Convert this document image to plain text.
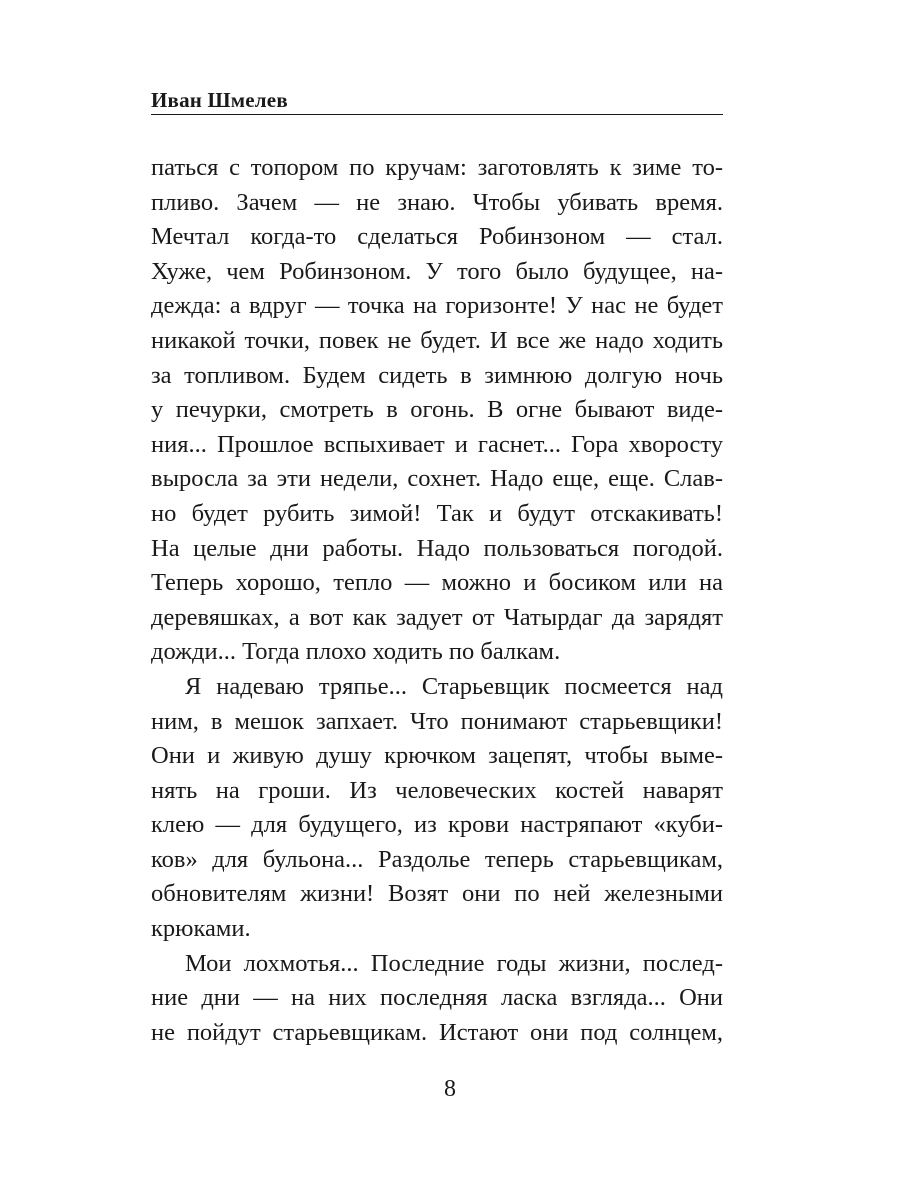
Иван Шмелев
паться с топором по кручам: заготовлять к зиме то-
пливо. Зачем — не знаю. Чтобы убивать время.
Мечтал когда-то сделаться Робинзоном — стал.
Хуже, чем Робинзоном. У того было будущее, на-
дежда: а вдруг — точка на горизонте! У нас не будет
никакой точки, повек не будет. И все же надо ходить
за топливом. Будем сидеть в зимнюю долгую ночь
у печурки, смотреть в огонь. В огне бывают виде-
ния... Прошлое вспыхивает и гаснет... Гора хворосту
выросла за эти недели, сохнет. Надо еще, еще. Слав-
но будет рубить зимой! Так и будут отскакивать!
На целые дни работы. Надо пользоваться погодой.
Теперь хорошо, тепло — можно и босиком или на
деревяшках, а вот как задует от Чатырдаг да зарядят
дожди... Тогда плохо ходить по балкам.
Я надеваю тряпье... Старьевщик посмеется над
ним, в мешок запхает. Что понимают старьевщики!
Они и живую душу крючком зацепят, чтобы выме-
нять на гроши. Из человеческих костей наварят
клею — для будущего, из крови настряпают «куби-
ков» для бульона... Раздолье теперь старьевщикам,
обновителям жизни! Возят они по ней железными
крюками.
Мои лохмотья... Последние годы жизни, послед-
ние дни — на них последняя ласка взгляда... Они
не пойдут старьевщикам. Истают они под солнцем,
8
